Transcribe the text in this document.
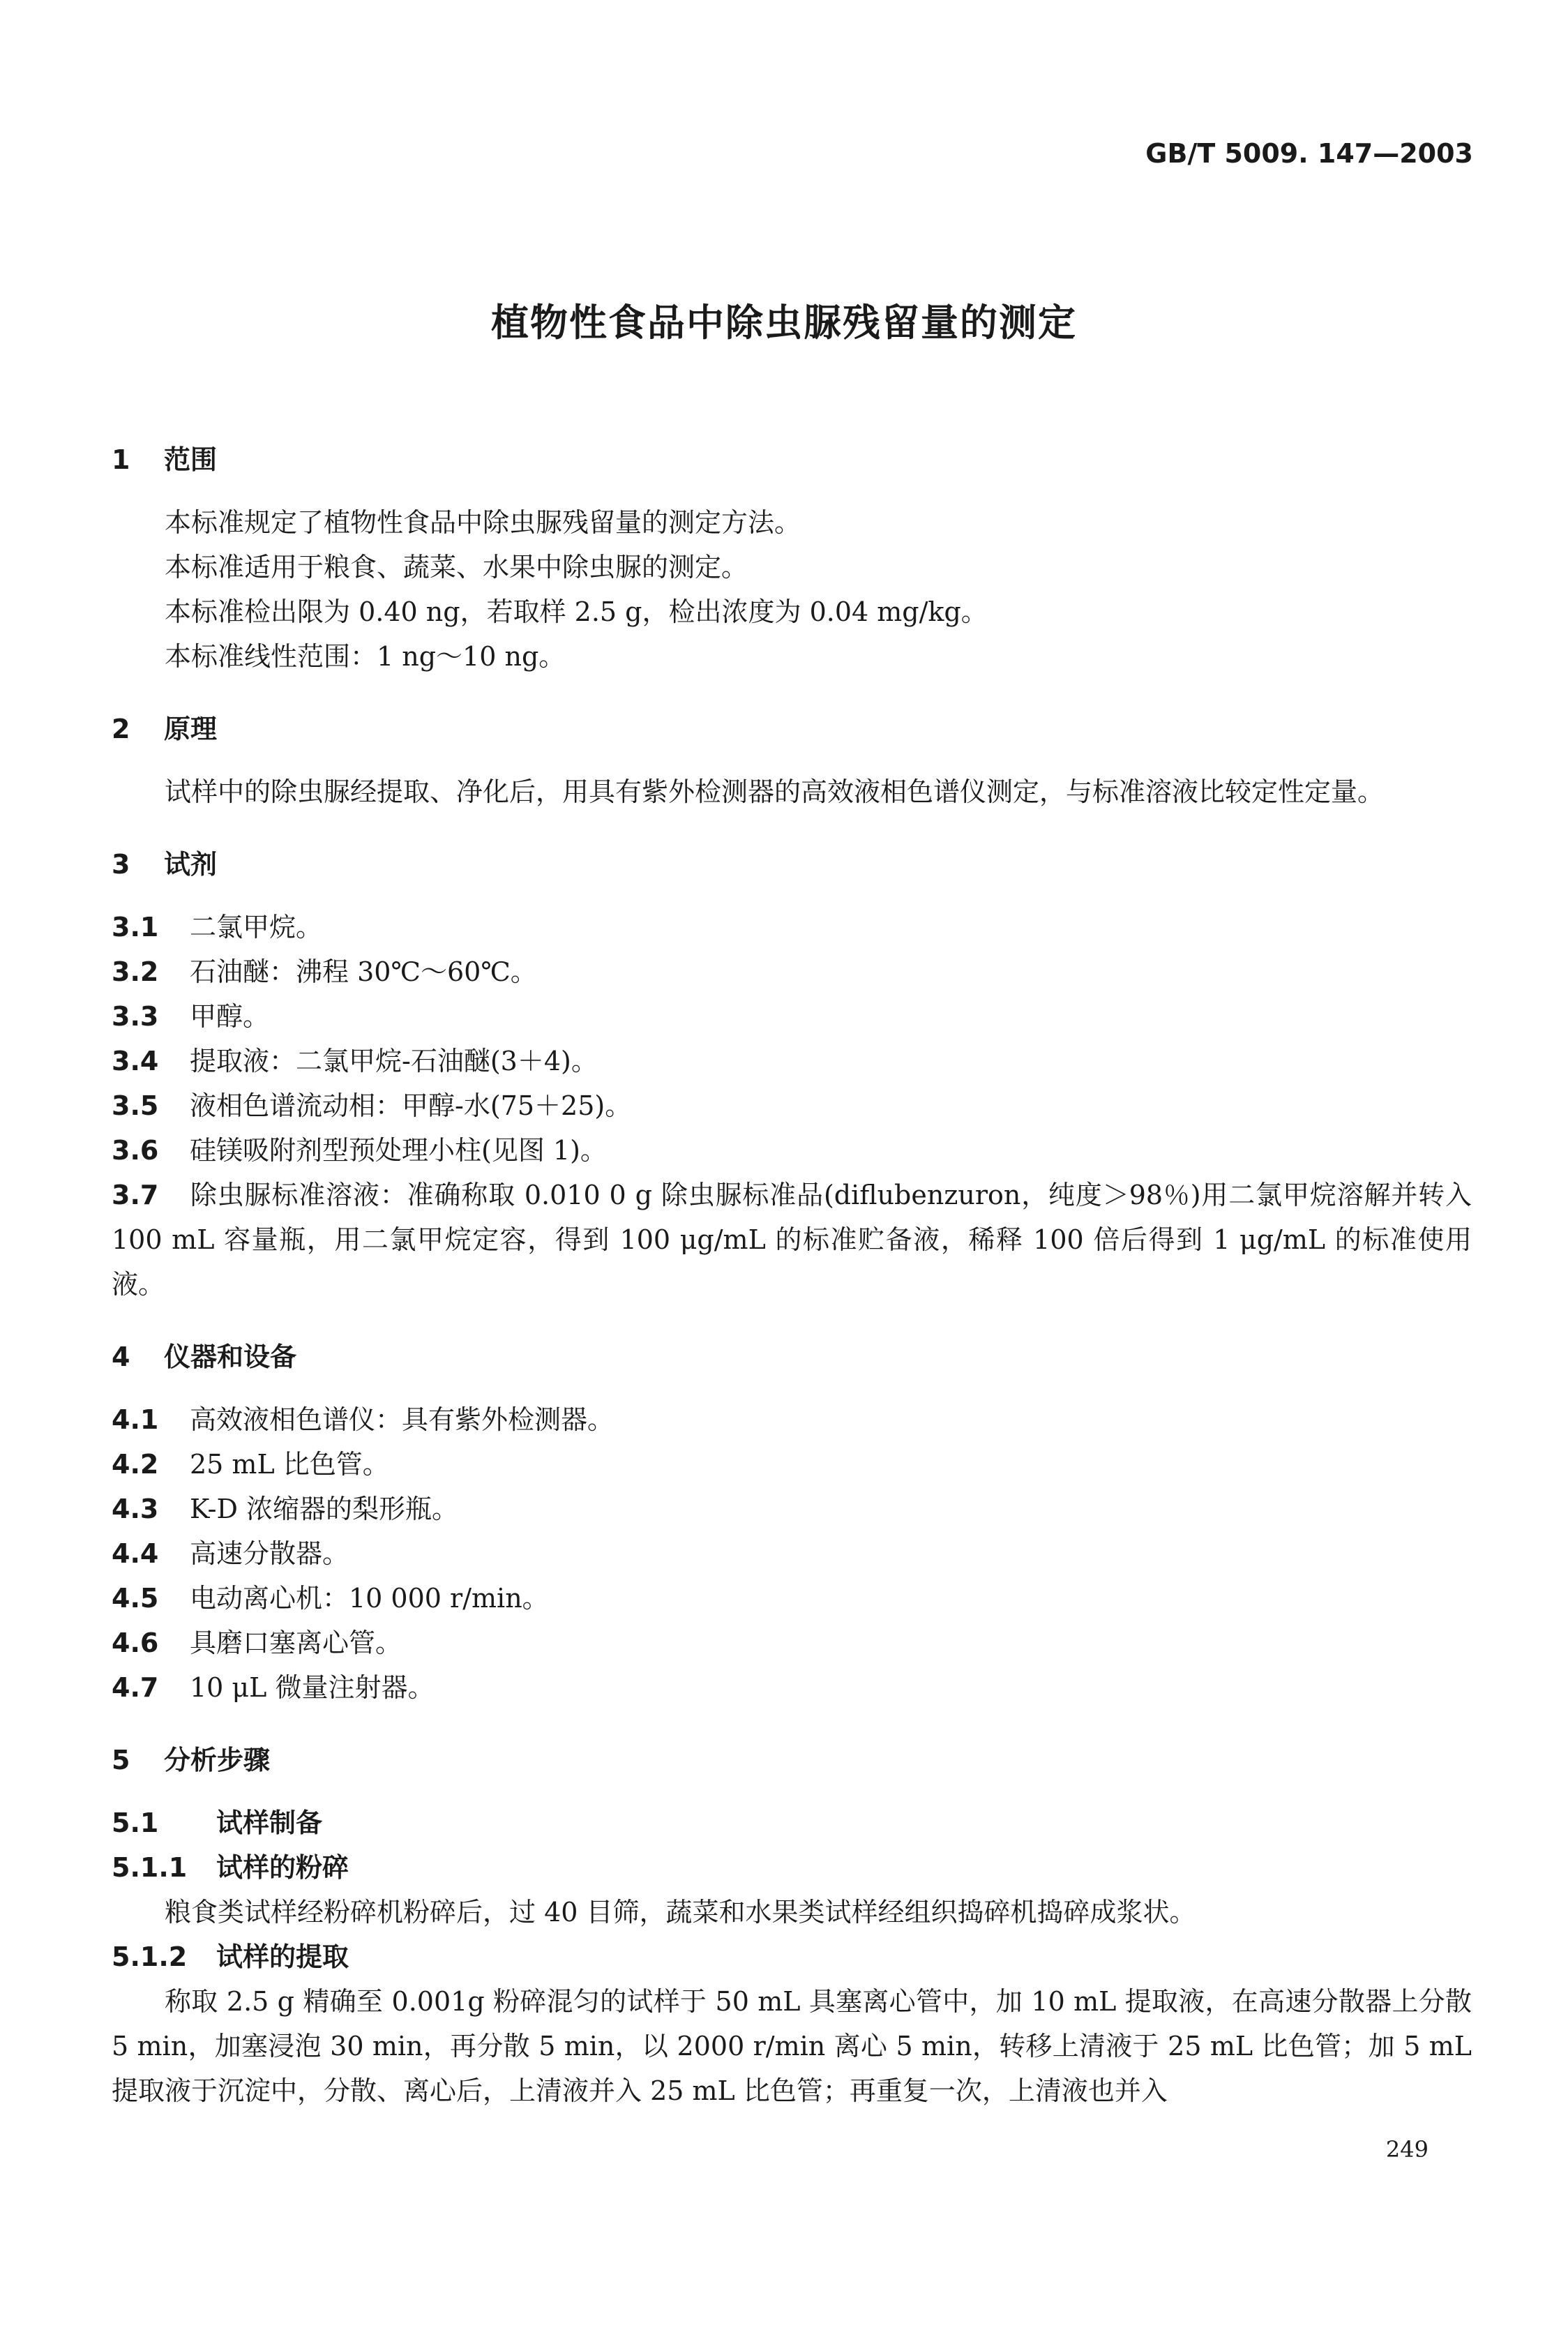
GB/T 5009. 147—2003
植物性食品中除虫脲残留量的测定
1 范围
本标准规定了植物性食品中除虫脲残留量的测定方法。
本标准适用于粮食、蔬菜、水果中除虫脲的测定。
本标准检出限为 0.40 ng，若取样 2.5 g，检出浓度为 0.04 mg/kg。
本标准线性范围：1 ng～10 ng。
2 原理
试样中的除虫脲经提取、净化后，用具有紫外检测器的高效液相色谱仪测定，与标准溶液比较定性定量。
3 试剂
3.1 二氯甲烷。
3.2 石油醚：沸程 30℃～60℃。
3.3 甲醇。
3.4 提取液：二氯甲烷-石油醚(3＋4)。
3.5 液相色谱流动相：甲醇-水(75＋25)。
3.6 硅镁吸附剂型预处理小柱(见图 1)。
3.7 除虫脲标准溶液：准确称取 0.010 0 g 除虫脲标准品(diflubenzuron，纯度＞98％)用二氯甲烷溶解并转入 100 mL 容量瓶，用二氯甲烷定容，得到 100 μg/mL 的标准贮备液，稀释 100 倍后得到 1 μg/mL 的标准使用液。
4 仪器和设备
4.1 高效液相色谱仪：具有紫外检测器。
4.2 25 mL 比色管。
4.3 K-D 浓缩器的梨形瓶。
4.4 高速分散器。
4.5 电动离心机：10 000 r/min。
4.6 具磨口塞离心管。
4.7 10 μL 微量注射器。
5 分析步骤
5.1 试样制备
5.1.1 试样的粉碎
粮食类试样经粉碎机粉碎后，过 40 目筛，蔬菜和水果类试样经组织捣碎机捣碎成浆状。
5.1.2 试样的提取
称取 2.5 g 精确至 0.001g 粉碎混匀的试样于 50 mL 具塞离心管中，加 10 mL 提取液，在高速分散器上分散 5 min，加塞浸泡 30 min，再分散 5 min，以 2000 r/min 离心 5 min，转移上清液于 25 mL 比色管；加 5 mL 提取液于沉淀中，分散、离心后，上清液并入 25 mL 比色管；再重复一次，上清液也并入
249
